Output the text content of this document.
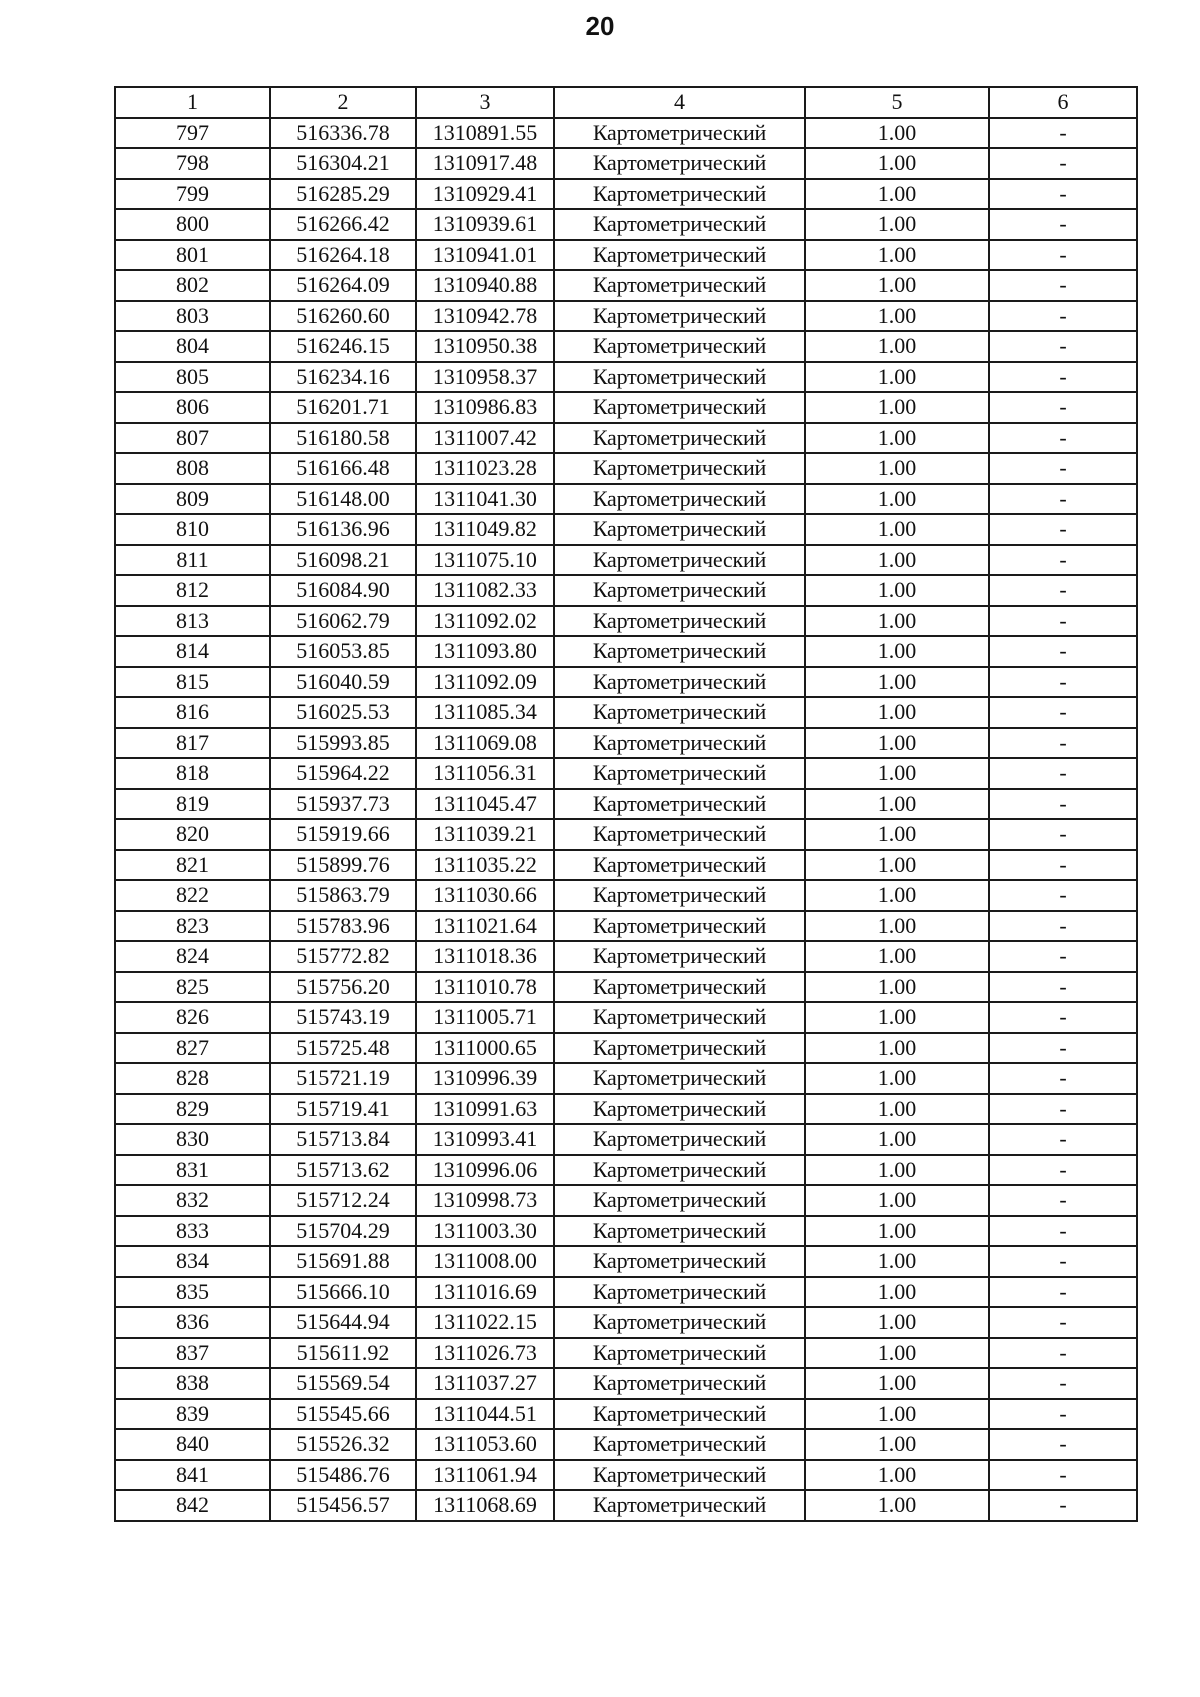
20
1	2	3	4	5	6
797	516336.78	1310891.55	Картометрический	1.00	-
798	516304.21	1310917.48	Картометрический	1.00	-
799	516285.29	1310929.41	Картометрический	1.00	-
800	516266.42	1310939.61	Картометрический	1.00	-
801	516264.18	1310941.01	Картометрический	1.00	-
802	516264.09	1310940.88	Картометрический	1.00	-
803	516260.60	1310942.78	Картометрический	1.00	-
804	516246.15	1310950.38	Картометрический	1.00	-
805	516234.16	1310958.37	Картометрический	1.00	-
806	516201.71	1310986.83	Картометрический	1.00	-
807	516180.58	1311007.42	Картометрический	1.00	-
808	516166.48	1311023.28	Картометрический	1.00	-
809	516148.00	1311041.30	Картометрический	1.00	-
810	516136.96	1311049.82	Картометрический	1.00	-
811	516098.21	1311075.10	Картометрический	1.00	-
812	516084.90	1311082.33	Картометрический	1.00	-
813	516062.79	1311092.02	Картометрический	1.00	-
814	516053.85	1311093.80	Картометрический	1.00	-
815	516040.59	1311092.09	Картометрический	1.00	-
816	516025.53	1311085.34	Картометрический	1.00	-
817	515993.85	1311069.08	Картометрический	1.00	-
818	515964.22	1311056.31	Картометрический	1.00	-
819	515937.73	1311045.47	Картометрический	1.00	-
820	515919.66	1311039.21	Картометрический	1.00	-
821	515899.76	1311035.22	Картометрический	1.00	-
822	515863.79	1311030.66	Картометрический	1.00	-
823	515783.96	1311021.64	Картометрический	1.00	-
824	515772.82	1311018.36	Картометрический	1.00	-
825	515756.20	1311010.78	Картометрический	1.00	-
826	515743.19	1311005.71	Картометрический	1.00	-
827	515725.48	1311000.65	Картометрический	1.00	-
828	515721.19	1310996.39	Картометрический	1.00	-
829	515719.41	1310991.63	Картометрический	1.00	-
830	515713.84	1310993.41	Картометрический	1.00	-
831	515713.62	1310996.06	Картометрический	1.00	-
832	515712.24	1310998.73	Картометрический	1.00	-
833	515704.29	1311003.30	Картометрический	1.00	-
834	515691.88	1311008.00	Картометрический	1.00	-
835	515666.10	1311016.69	Картометрический	1.00	-
836	515644.94	1311022.15	Картометрический	1.00	-
837	515611.92	1311026.73	Картометрический	1.00	-
838	515569.54	1311037.27	Картометрический	1.00	-
839	515545.66	1311044.51	Картометрический	1.00	-
840	515526.32	1311053.60	Картометрический	1.00	-
841	515486.76	1311061.94	Картометрический	1.00	-
842	515456.57	1311068.69	Картометрический	1.00	-
